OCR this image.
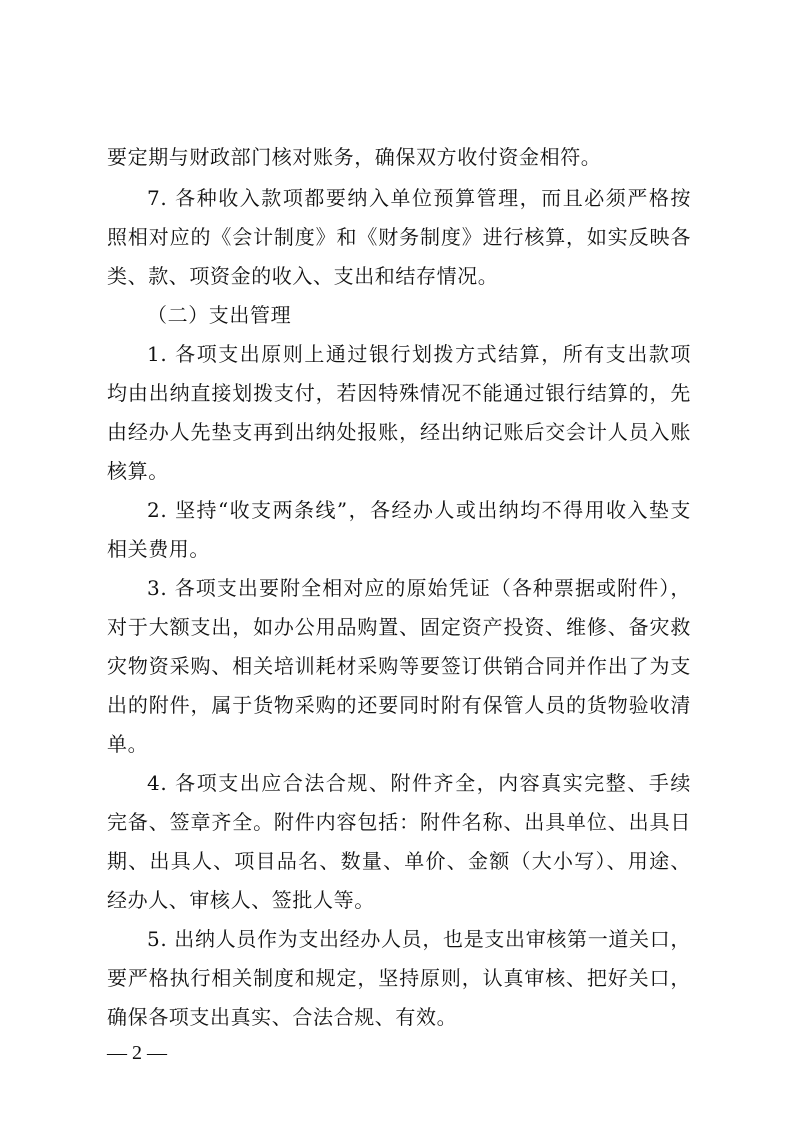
要定期与财政部门核对账务，确保双方收付资金相符。
7. 各种收入款项都要纳入单位预算管理，而且必须严格按
照相对应的《会计制度》和《财务制度》进行核算，如实反映各
类、款、项资金的收入、支出和结存情况。
（二）支出管理
1. 各项支出原则上通过银行划拨方式结算，所有支出款项
均由出纳直接划拨支付，若因特殊情况不能通过银行结算的，先
由经办人先垫支再到出纳处报账，经出纳记账后交会计人员入账
核算。
2. 坚持“收支两条线”，各经办人或出纳均不得用收入垫支
相关费用。
3. 各项支出要附全相对应的原始凭证（各种票据或附件），
对于大额支出，如办公用品购置、固定资产投资、维修、备灾救
灾物资采购、相关培训耗材采购等要签订供销合同并作出了为支
出的附件，属于货物采购的还要同时附有保管人员的货物验收清
单。
4. 各项支出应合法合规、附件齐全，内容真实完整、手续
完备、签章齐全。附件内容包括：附件名称、出具单位、出具日
期、出具人、项目品名、数量、单价、金额（大小写）、用途、
经办人、审核人、签批人等。
5. 出纳人员作为支出经办人员，也是支出审核第一道关口，
要严格执行相关制度和规定，坚持原则，认真审核、把好关口，
确保各项支出真实、合法合规、有效。
— 2 —
